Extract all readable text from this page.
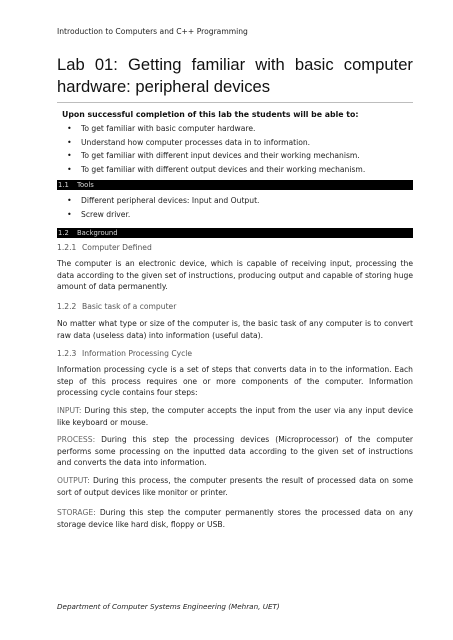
Introduction to Computers and C++ Programming
Lab 01: Getting familiar with basic computer
hardware: peripheral devices
Upon successful completion of this lab the students will be able to:
• To get familiar with basic computer hardware.
• Understand how computer processes data in to information.
• To get familiar with different input devices and their working mechanism.
• To get familiar with different output devices and their working mechanism.
1.1	Tools
• Different peripheral devices: Input and Output.
• Screw driver.
1.2	Background
1.2.1 Computer Defined

The computer is an electronic device, which is capable of receiving input, processing the data according to the given set of instructions, producing output and capable of storing huge amount of data permanently.

1.2.2 Basic task of a computer

No matter what type or size of the computer is, the basic task of any computer is to convert raw data (useless data) into information (useful data).

1.2.3 Information Processing Cycle

Information processing cycle is a set of steps that converts data in to the information. Each step of this process requires one or more components of the computer. Information processing cycle contains four steps:

INPUT: During this step, the computer accepts the input from the user via any input device like keyboard or mouse.

PROCESS: During this step the processing devices (Microprocessor) of the computer performs some processing on the inputted data according to the given set of instructions and converts the data into information.

OUTPUT: During this process, the computer presents the result of processed data on some sort of output devices like monitor or printer.

STORAGE: During this step the computer permanently stores the processed data on any storage device like hard disk, floppy or USB.

Department of Computer Systems Engineering (Mehran, UET)
